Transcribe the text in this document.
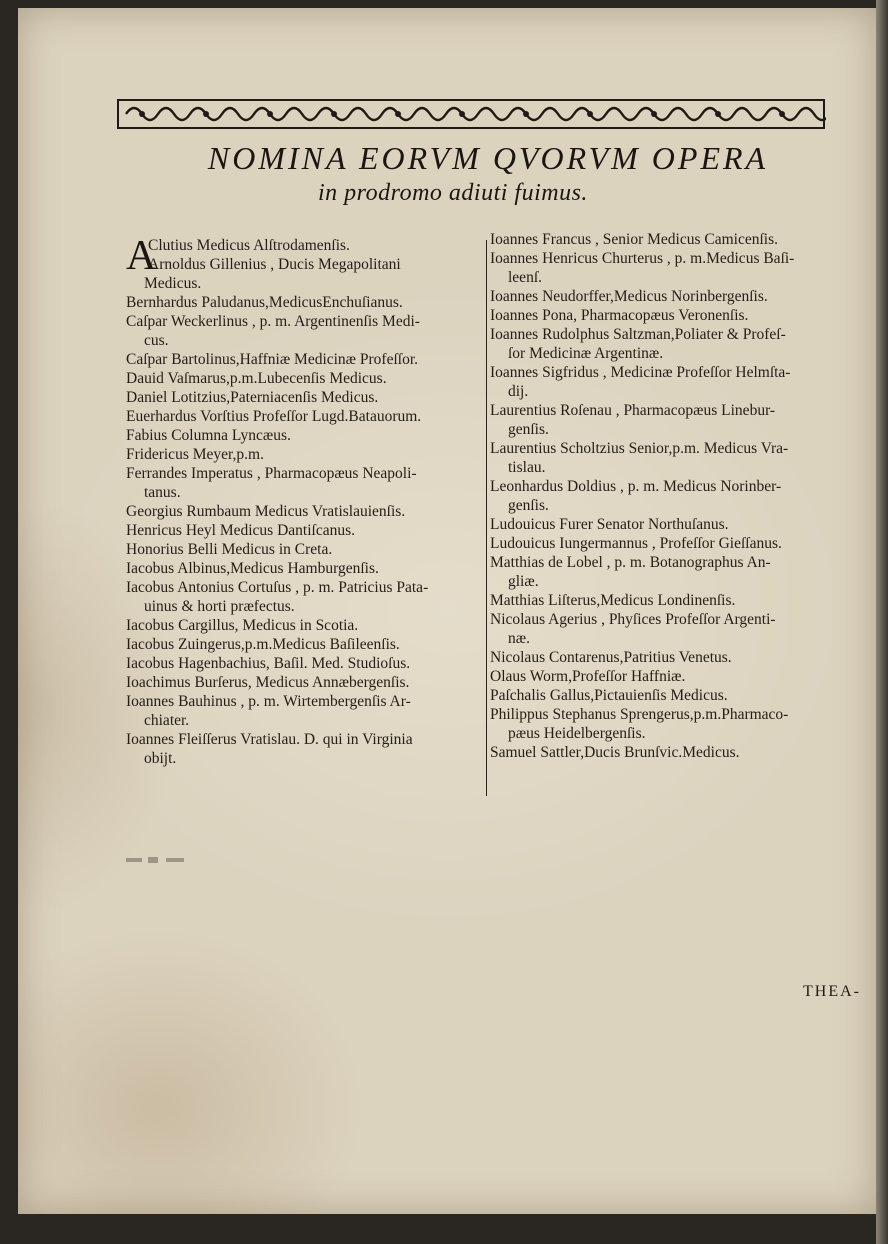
NOMINA EORVM QVORVM OPERA
in prodromo adiuti fuimus.
A

Clutius Medicus Alſtrodamenſis.

Arnoldus Gillenius , Ducis Megapolitani

Medicus.

Bernhardus Paludanus,MedicusEnchuſianus.

Caſpar Weckerlinus , p. m. Argentinenſis Medi-
cus.

Caſpar Bartolinus,Haffniæ Medicinæ Profeſſor.

Dauid Vaſmarus,p.m.Lubecenſis Medicus.

Daniel Lotitzius,Paterniacenſis Medicus.

Euerhardus Vorſtius Profeſſor Lugd.Batauorum.

Fabius Columna Lyncæus.

Fridericus Meyer,p.m.

Ferrandes Imperatus , Pharmacopæus Neapoli-
tanus.

Georgius Rumbaum Medicus Vratislauienſis.

Henricus Heyl Medicus Dantiſcanus.

Honorius Belli Medicus in Creta.

Iacobus Albinus,Medicus Hamburgenſis.

Iacobus Antonius Cortuſus , p. m. Patricius Pata-
uinus & horti præfectus.

Iacobus Cargillus, Medicus in Scotia.

Iacobus Zuingerus,p.m.Medicus Baſileenſis.

Iacobus Hagenbachius, Baſil. Med. Studioſus.

Ioachimus Burſerus, Medicus Annæbergenſis.

Ioannes Bauhinus , p. m. Wirtembergenſis Ar-
chiater.

Ioannes Fleiſſerus Vratislau. D. qui in Virginia
obijt.

Ioannes Francus , Senior Medicus Camicenſis.

Ioannes Henricus Churterus , p. m.Medicus Baſi-
leenſ.

Ioannes Neudorffer,Medicus Norinbergenſis.

Ioannes Pona, Pharmacopæus Veronenſis.

Ioannes Rudolphus Saltzman,Poliater & Profeſ-
ſor Medicinæ Argentinæ.

Ioannes Sigfridus , Medicinæ Profeſſor Helmſta-
dij.

Laurentius Roſenau , Pharmacopæus Linebur-
genſis.

Laurentius Scholtzius Senior,p.m. Medicus Vra-
tislau.

Leonhardus Doldius , p. m. Medicus Norinber-
genſis.

Ludouicus Furer Senator Northuſanus.

Ludouicus Iungermannus , Profeſſor Gieſſanus.

Matthias de Lobel , p. m. Botanographus An-
gliæ.

Matthias Liſterus,Medicus Londinenſis.

Nicolaus Agerius , Phyſices Profeſſor Argenti-
næ.

Nicolaus Contarenus,Patritius Venetus.

Olaus Worm,Profeſſor Haffniæ.

Paſchalis Gallus,Pictauienſis Medicus.

Philippus Stephanus Sprengerus,p.m.Pharmaco-
pæus Heidelbergenſis.

Samuel Sattler,Ducis Brunſvic.Medicus.

THEA-
